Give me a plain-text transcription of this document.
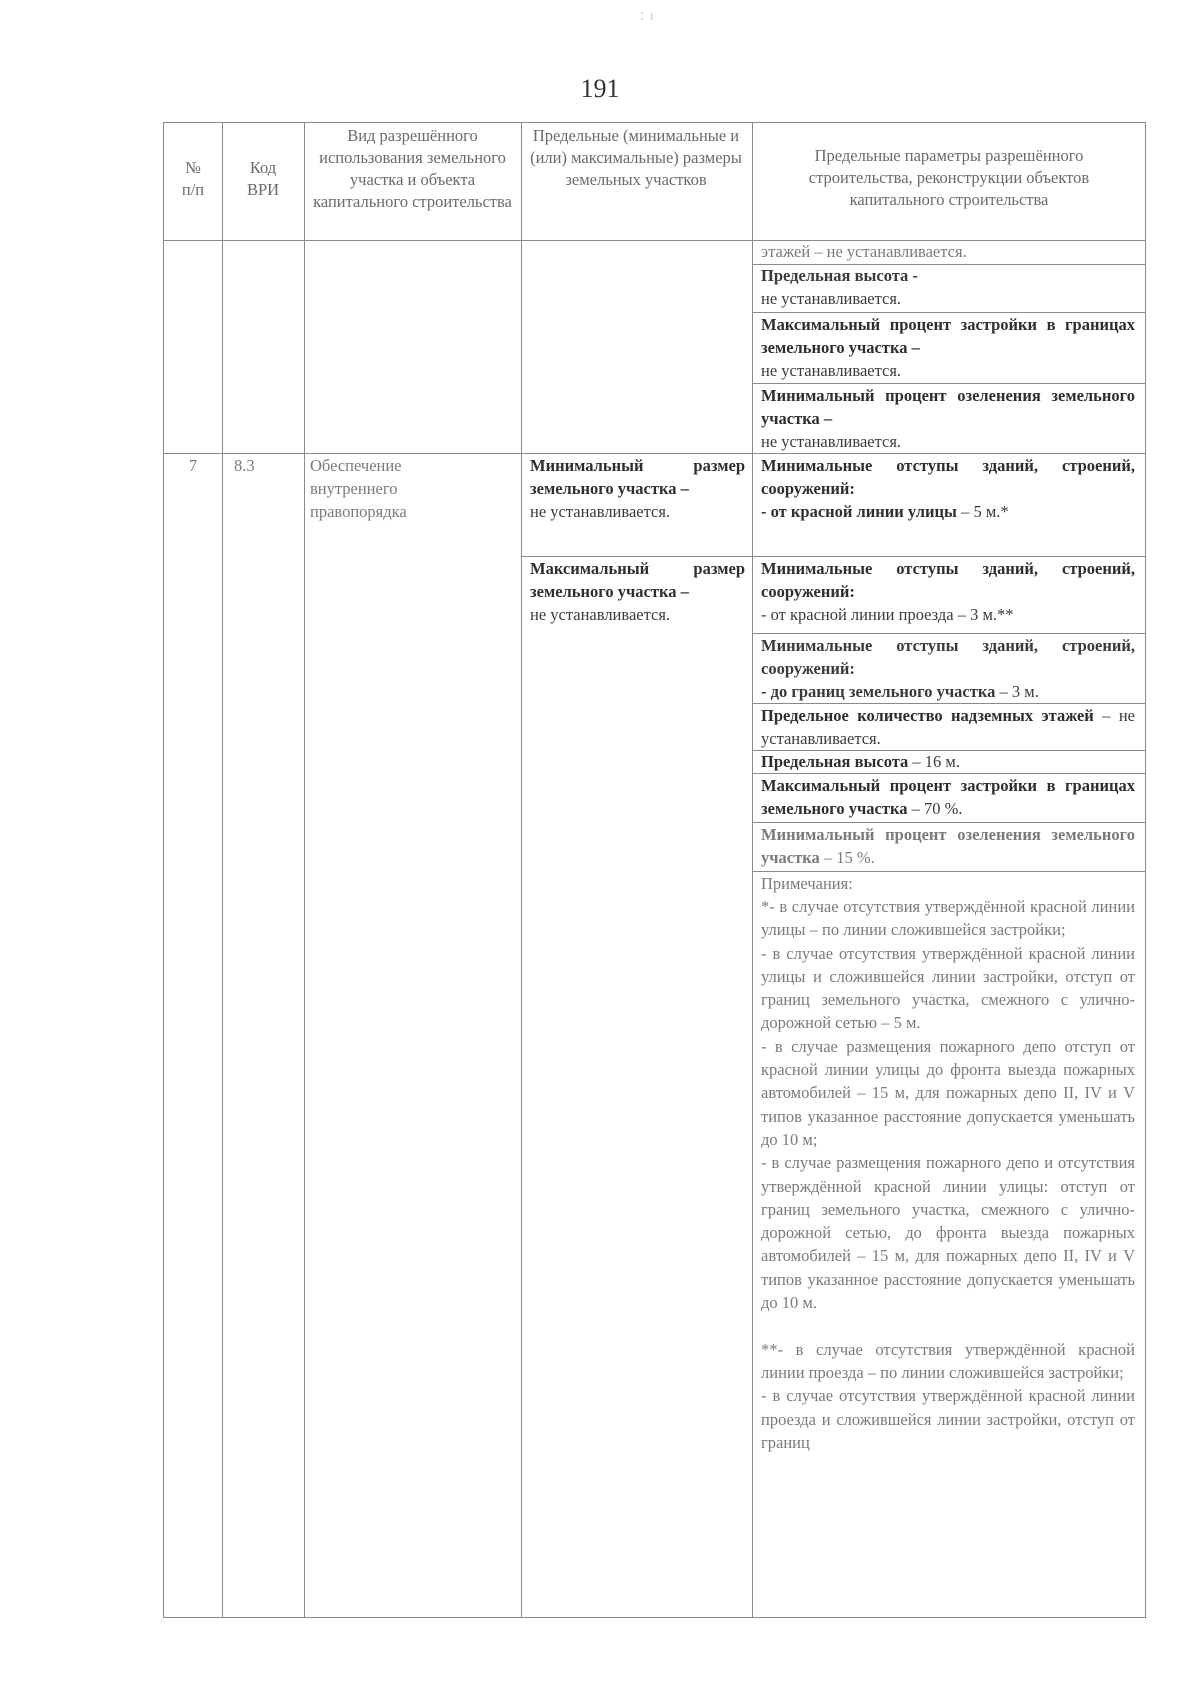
⁚ ⁞
191
№
п/п
Код
ВРИ
Вид разрешённого использования земельного участка и объекта капитального строительства
Предельные (минимальные и (или) максимальные) размеры земельных участков
Предельные параметры разрешённого строительства, реконструкции объектов капитального строительства
этажей – не устанавливается.
Предельная высота -
не устанавливается.
Максимальный процент застройки в границах земельного участка –
не устанавливается.
Минимальный процент озеленения земельного участка –
не устанавливается.
7	8.3	Обеспечение внутреннего правопорядка
Минимальный размер земельного участка –
не устанавливается.
Максимальный размер земельного участка –
не устанавливается.
Минимальные отступы зданий, строений, сооружений:
- от красной линии улицы – 5 м.*
Минимальные отступы зданий, строений, сооружений:
- от красной линии проезда – 3 м.**
Минимальные отступы зданий, строений, сооружений:
- до границ земельного участка – 3 м.
Предельное количество надземных этажей – не устанавливается.
Предельная высота – 16 м.
Максимальный процент застройки в границах земельного участка – 70 %.
Минимальный процент озеленения земельного участка – 15 %.
Примечания:
*- в случае отсутствия утверждённой красной линии улицы – по линии сложившейся застройки;
- в случае отсутствия утверждённой красной линии улицы и сложившейся линии застройки, отступ от границ земельного участка, смежного с улично-дорожной сетью – 5 м.
- в случае размещения пожарного депо отступ от красной линии улицы до фронта выезда пожарных автомобилей – 15 м, для пожарных депо II, IV и V типов указанное расстояние допускается уменьшать до 10 м;
- в случае размещения пожарного депо и отсутствия утверждённой красной линии улицы: отступ от границ земельного участка, смежного с улично-дорожной сетью, до фронта выезда пожарных автомобилей – 15 м, для пожарных депо II, IV и V типов указанное расстояние допускается уменьшать до 10 м.

**- в случае отсутствия утверждённой красной линии проезда – по линии сложившейся застройки;
- в случае отсутствия утверждённой красной линии проезда и сложившейся линии застройки, отступ от границ
